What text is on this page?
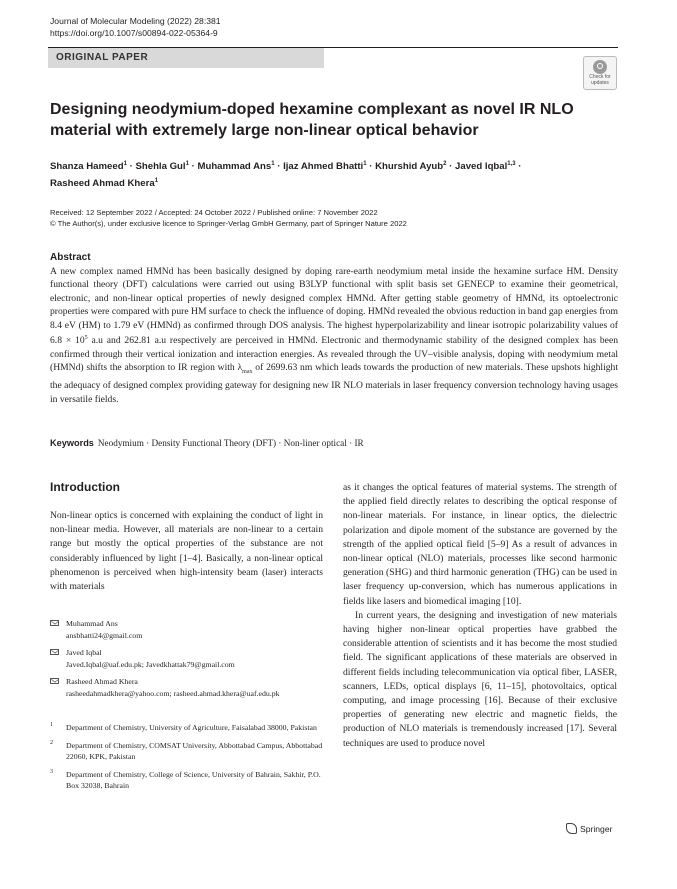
Journal of Molecular Modeling (2022) 28:381
https://doi.org/10.1007/s00894-022-05364-9
ORIGINAL PAPER
Check for
updates
Designing neodymium-doped hexamine complexant as novel IR NLO material with extremely large non-linear optical behavior
Shanza Hameed$^1$ · Shehla Gul$^1$ · Muhammad Ans$^1$ · Ijaz Ahmed Bhatti$^1$ · Khurshid Ayub$^2$ · Javed Iqbal$^{1,3}$ ·
Rasheed Ahmad Khera$^1$
Received: 12 September 2022 / Accepted: 24 October 2022 / Published online: 7 November 2022
© The Author(s), under exclusive licence to Springer-Verlag GmbH Germany, part of Springer Nature 2022
Abstract
A new complex named HMNd has been basically designed by doping rare-earth neodymium metal inside the hexamine surface HM. Density functional theory (DFT) calculations were carried out using B3LYP functional with split basis set GENECP to examine their geometrical, electronic, and non-linear optical properties of newly designed complex HMNd. After getting stable geometry of HMNd, its optoelectronic properties were compared with pure HM surface to check the influence of doping. HMNd revealed the obvious reduction in band gap energies from 8.4 eV (HM) to 1.79 eV (HMNd) as confirmed through DOS analysis. The highest hyperpolarizability and linear isotropic polarizability values of $6.8 \times 10^5$ a.u and 262.81 a.u respectively are perceived in HMNd. Electronic and thermodynamic stability of the designed complex has been confirmed through their vertical ionization and interaction energies. As revealed through the UV–visible analysis, doping with neodymium metal (HMNd) shifts the absorption to IR region with $\lambda_{max}$ of 2699.63 nm which leads towards the production of new materials. These upshots highlight the adequacy of designed complex providing gateway for designing new IR NLO materials in laser frequency conversion technology having usages in versatile fields.
Keywords Neodymium · Density Functional Theory (DFT) · Non-liner optical · IR
Introduction
Non-linear optics is concerned with explaining the conduct of light in non-linear media. However, all materials are non-linear to a certain range but mostly the optical properties of the substance are not considerably influenced by light [1–4]. Basically, a non-linear optical phenomenon is perceived when high-intensity beam (laser) interacts with materials
Muhammad Ans
ansbhatti24@gmail.com
Javed Iqbal
Javed.Iqbal@uaf.edu.pk; Javedkhattak79@gmail.com
Rasheed Ahmad Khera
rasheedahmadkhera@yahoo.com; rasheed.ahmad.khera@uaf.edu.pk
1 Department of Chemistry, University of Agriculture, Faisalabad 38000, Pakistan
2 Department of Chemistry, COMSAT University, Abbottabad Campus, Abbottabad 22060, KPK, Pakistan
3 Department of Chemistry, College of Science, University of Bahrain, Sakhir, P.O. Box 32038, Bahrain

as it changes the optical features of material systems. The strength of the applied field directly relates to describing the optical response of non-linear materials. For instance, in linear optics, the dielectric polarization and dipole moment of the substance are governed by the strength of the applied optical field [5–9] As a result of advances in non-linear optical (NLO) materials, processes like second harmonic generation (SHG) and third harmonic generation (THG) can be used in laser frequency up-conversion, which has numerous applications in fields like lasers and biomedical imaging [10].

In current years, the designing and investigation of new materials having higher non-linear optical properties have grabbed the considerable attention of scientists and it has become the most studied field. The significant applications of these materials are observed in different fields including telecommunication via optical fiber, LASER, scanners, LEDs, optical displays [6, 11–15], photovoltaics, optical computing, and image processing [16]. Because of their exclusive properties of generating new electric and magnetic fields, the production of NLO materials is tremendously increased [17]. Several techniques are used to produce novel

Springer
